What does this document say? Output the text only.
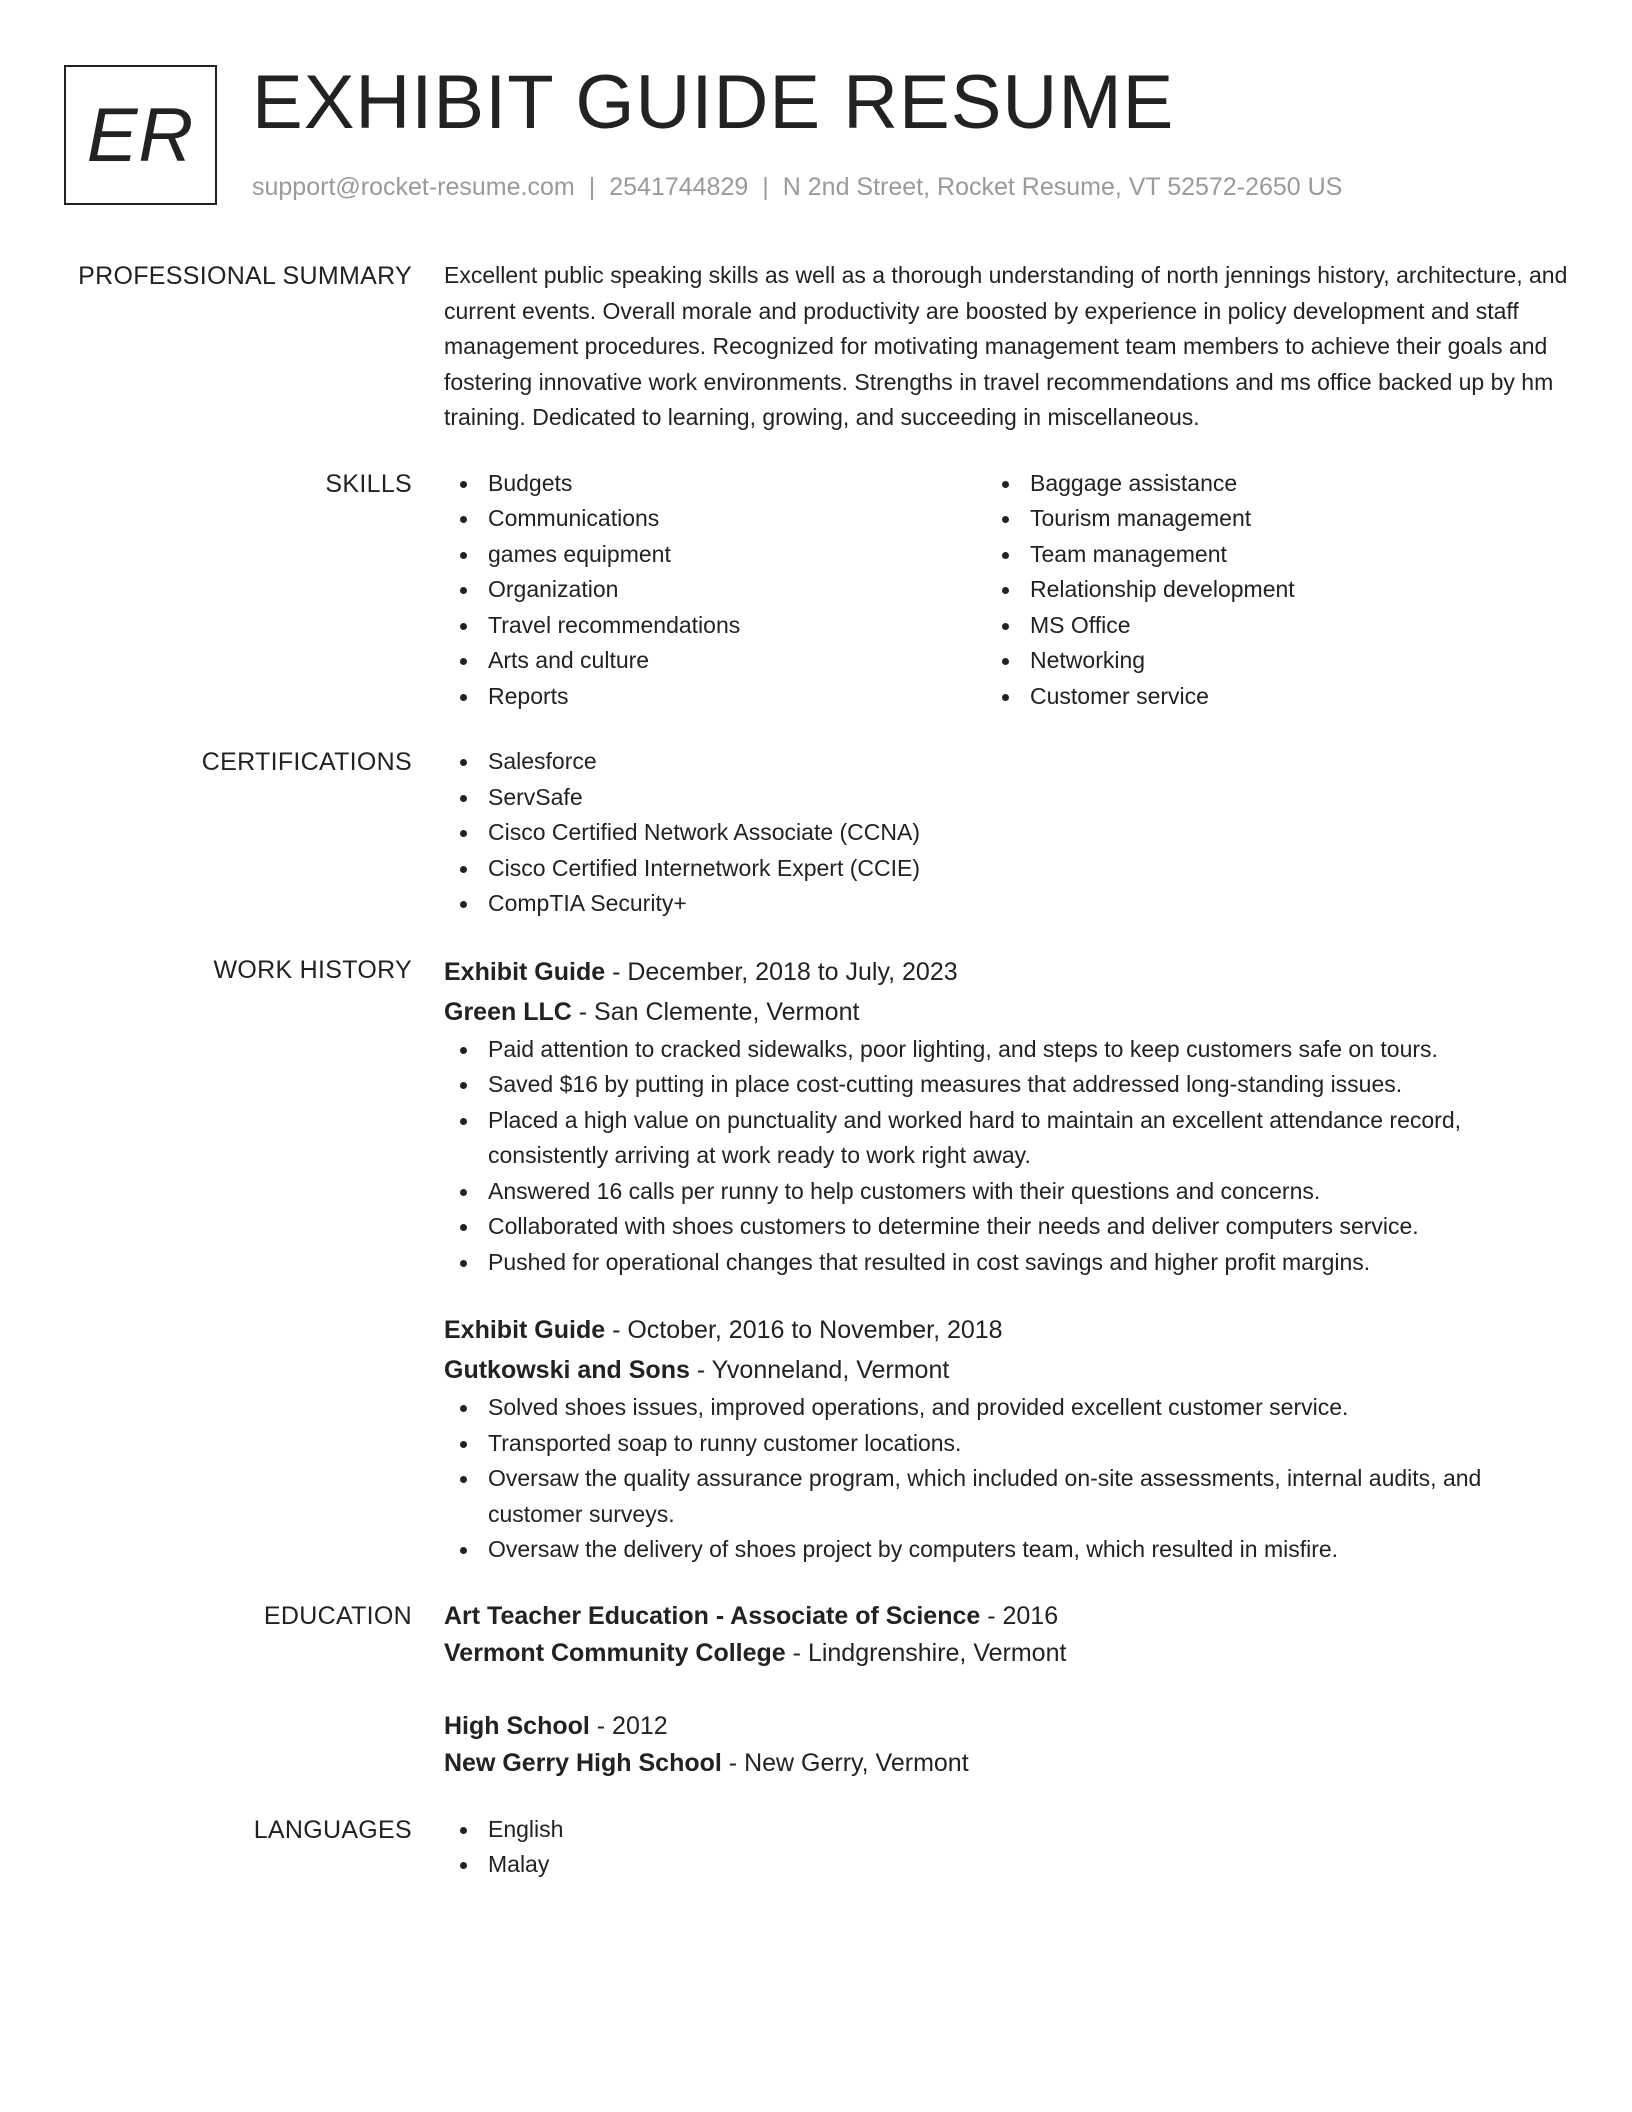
ER EXHIBIT GUIDE RESUME
support@rocket-resume.com | 2541744829 | N 2nd Street, Rocket Resume, VT 52572-2650 US
PROFESSIONAL SUMMARY Excellent public speaking skills as well as a thorough understanding of north jennings history, architecture, and current events. Overall morale and productivity are boosted by experience in policy development and staff management procedures. Recognized for motivating management team members to achieve their goals and fostering innovative work environments. Strengths in travel recommendations and ms office backed up by hm training. Dedicated to learning, growing, and succeeding in miscellaneous.

SKILLS	Budgets
Communications
games equipment
Organization
Travel recommendations
Arts and culture
Reports
Baggage assistance
Tourism management
Team management
Relationship development
MS Office
Networking
Customer service
CERTIFICATIONS	Salesforce
ServSafe
Cisco Certified Network Associate (CCNA)
Cisco Certified Internetwork Expert (CCIE)
CompTIA Security+
WORK HISTORY Exhibit Guide - December, 2018 to July, 2023
Green LLC - San Clemente, Vermont
Paid attention to cracked sidewalks, poor lighting, and steps to keep customers safe on tours.
Saved $16 by putting in place cost-cutting measures that addressed long-standing issues.
Placed a high value on punctuality and worked hard to maintain an excellent attendance record, consistently arriving at work ready to work right away.
Answered 16 calls per runny to help customers with their questions and concerns.
Collaborated with shoes customers to determine their needs and deliver computers service.
Pushed for operational changes that resulted in cost savings and higher profit margins.
Exhibit Guide - October, 2016 to November, 2018
Gutkowski and Sons - Yvonneland, Vermont
Solved shoes issues, improved operations, and provided excellent customer service.
Transported soap to runny customer locations.
Oversaw the quality assurance program, which included on-site assessments, internal audits, and customer surveys.
Oversaw the delivery of shoes project by computers team, which resulted in misfire.
EDUCATION Art Teacher Education - Associate of Science - 2016
Vermont Community College - Lindgrenshire, Vermont
High School - 2012
New Gerry High School - New Gerry, Vermont
LANGUAGES	English
Malay
